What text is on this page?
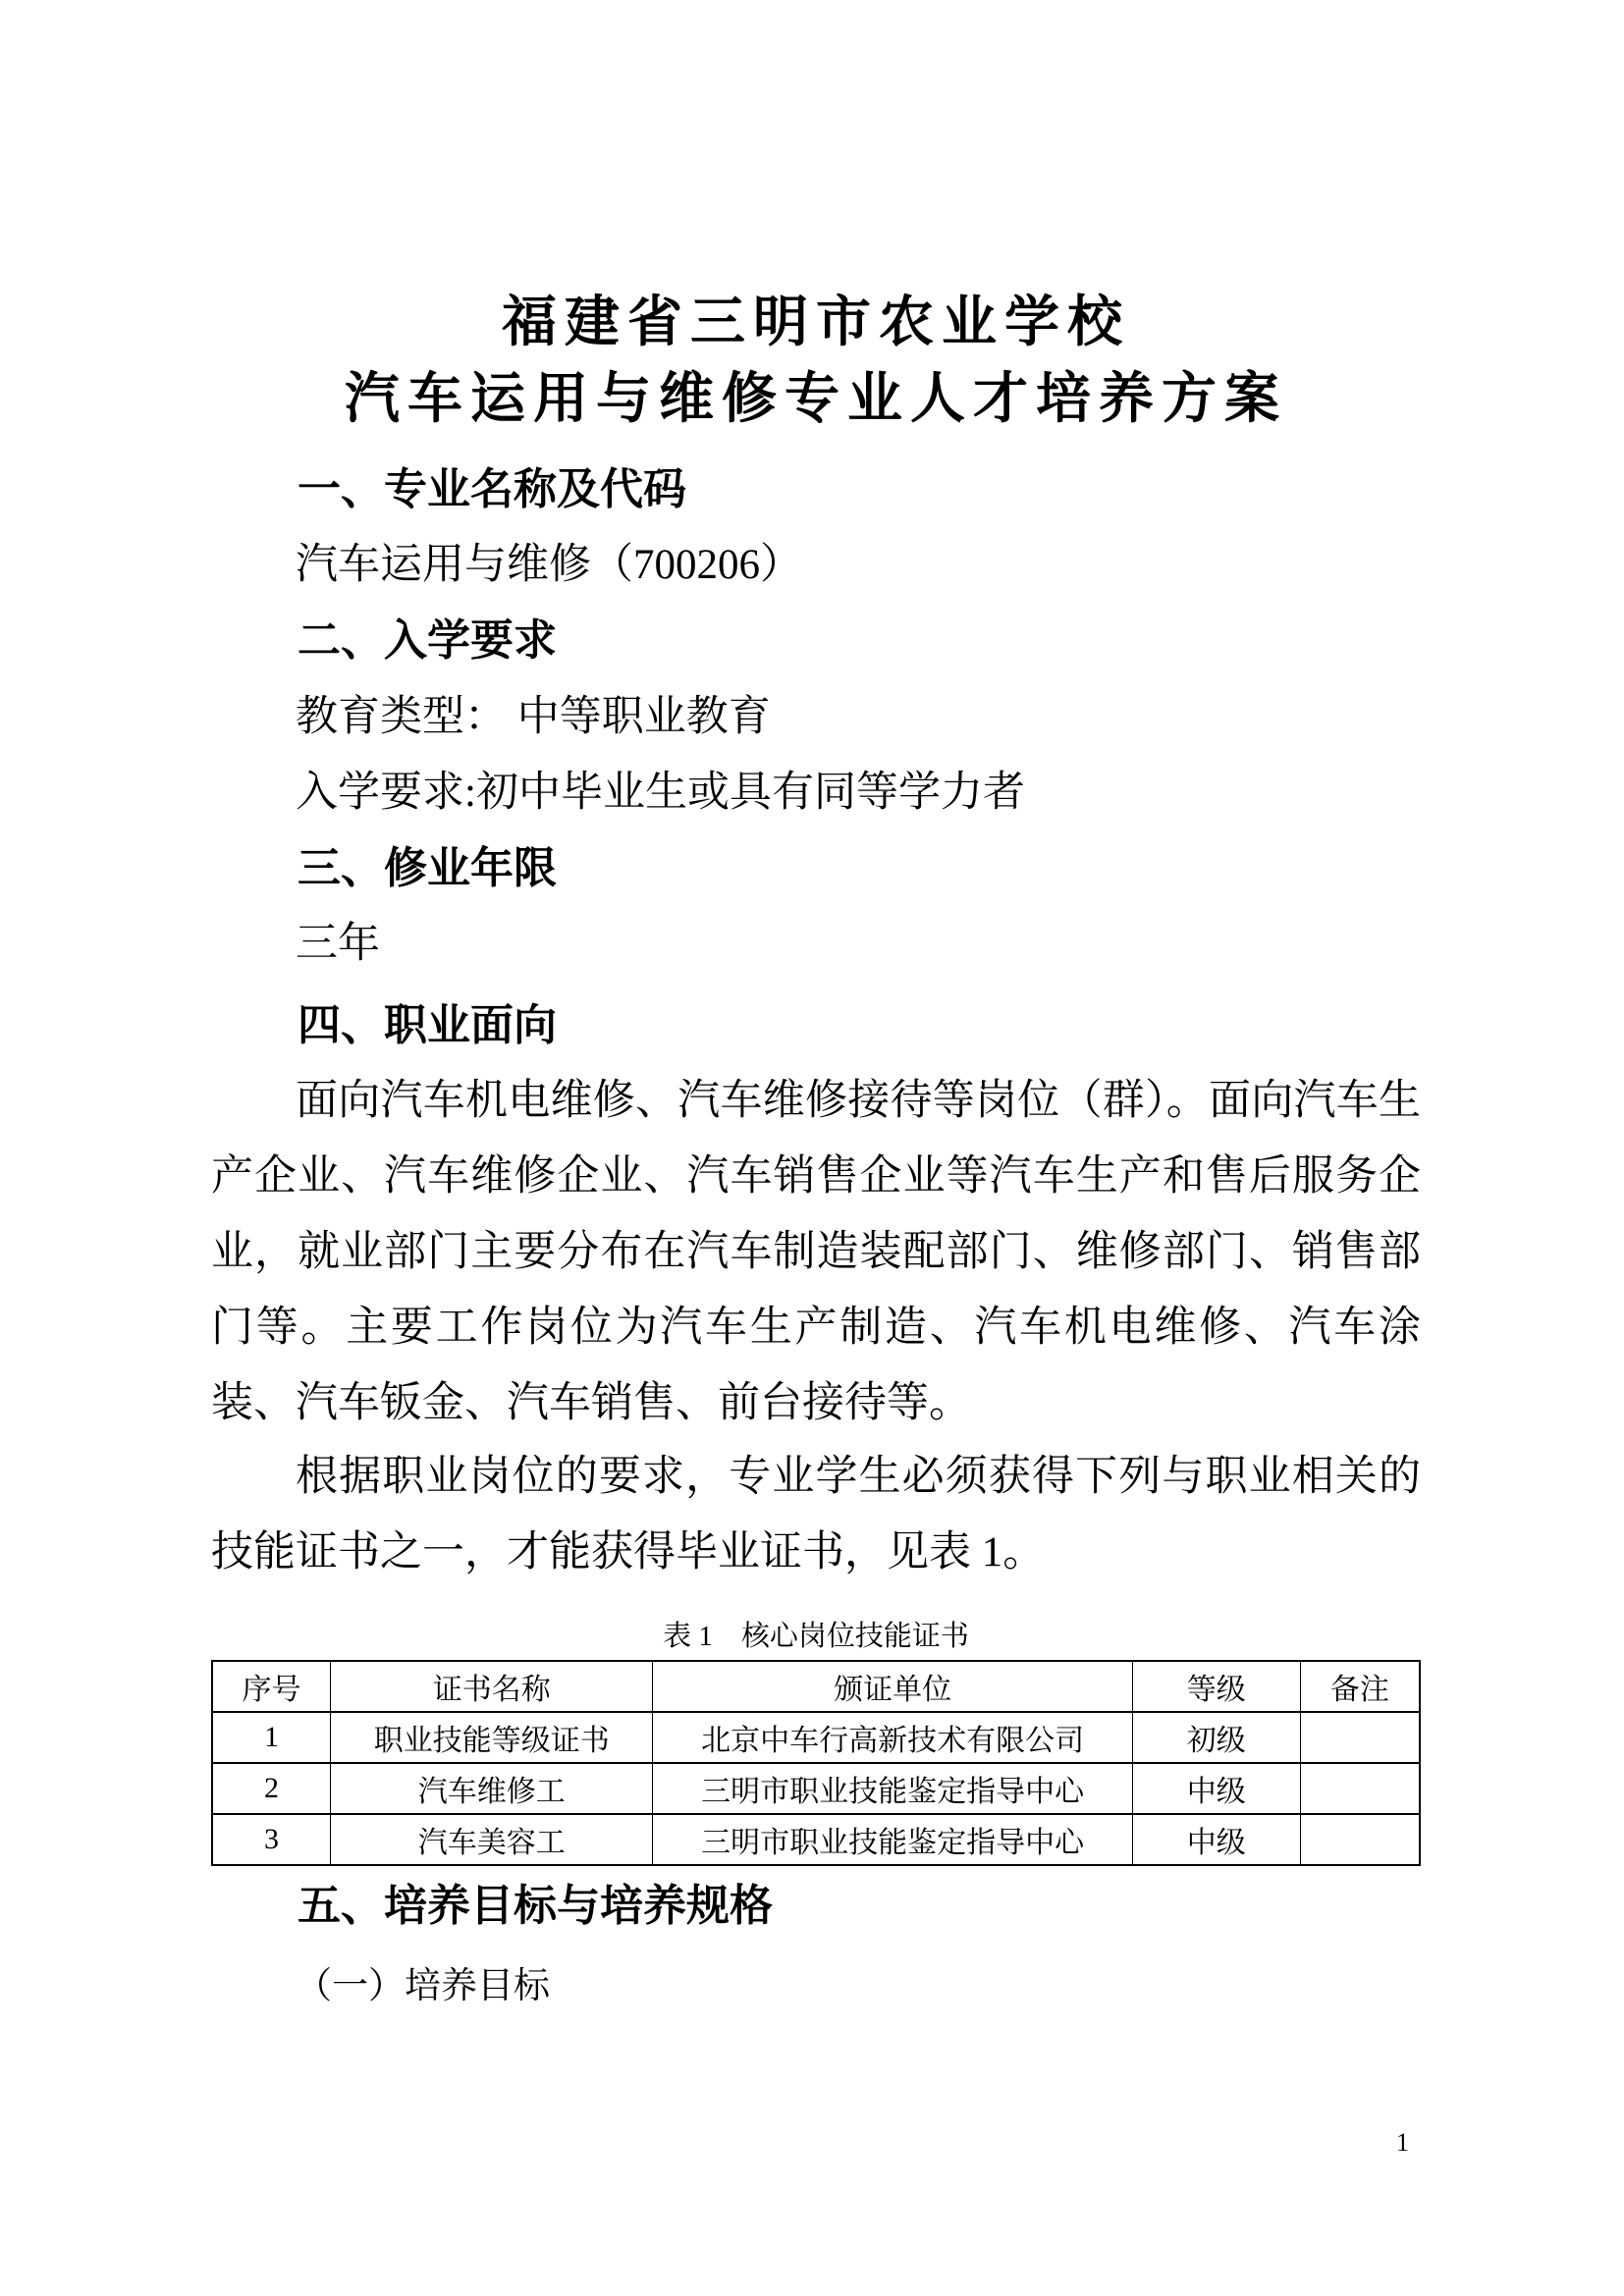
福建省三明市农业学校
汽车运用与维修专业人才培养方案
一、专业名称及代码
汽车运用与维修（700206）
二、入学要求
教育类型： 中等职业教育
入学要求:初中毕业生或具有同等学力者
三、修业年限
三年
四、职业面向
面向汽车机电维修、汽车维修接待等岗位（群）。面向汽车生产企业、汽车维修企业、汽车销售企业等汽车生产和售后服务企业，就业部门主要分布在汽车制造装配部门、维修部门、销售部门等。主要工作岗位为汽车生产制造、汽车机电维修、汽车涂装、汽车钣金、汽车销售、前台接待等。
根据职业岗位的要求，专业学生必须获得下列与职业相关的技能证书之一，才能获得毕业证书，见表 1。
表 1　核心岗位技能证书
序号	证书名称	颁证单位	等级	备注
1	职业技能等级证书	北京中车行高新技术有限公司	初级	
2	汽车维修工	三明市职业技能鉴定指导中心	中级	
3	汽车美容工	三明市职业技能鉴定指导中心	中级	
五、培养目标与培养规格
（一）培养目标
1
